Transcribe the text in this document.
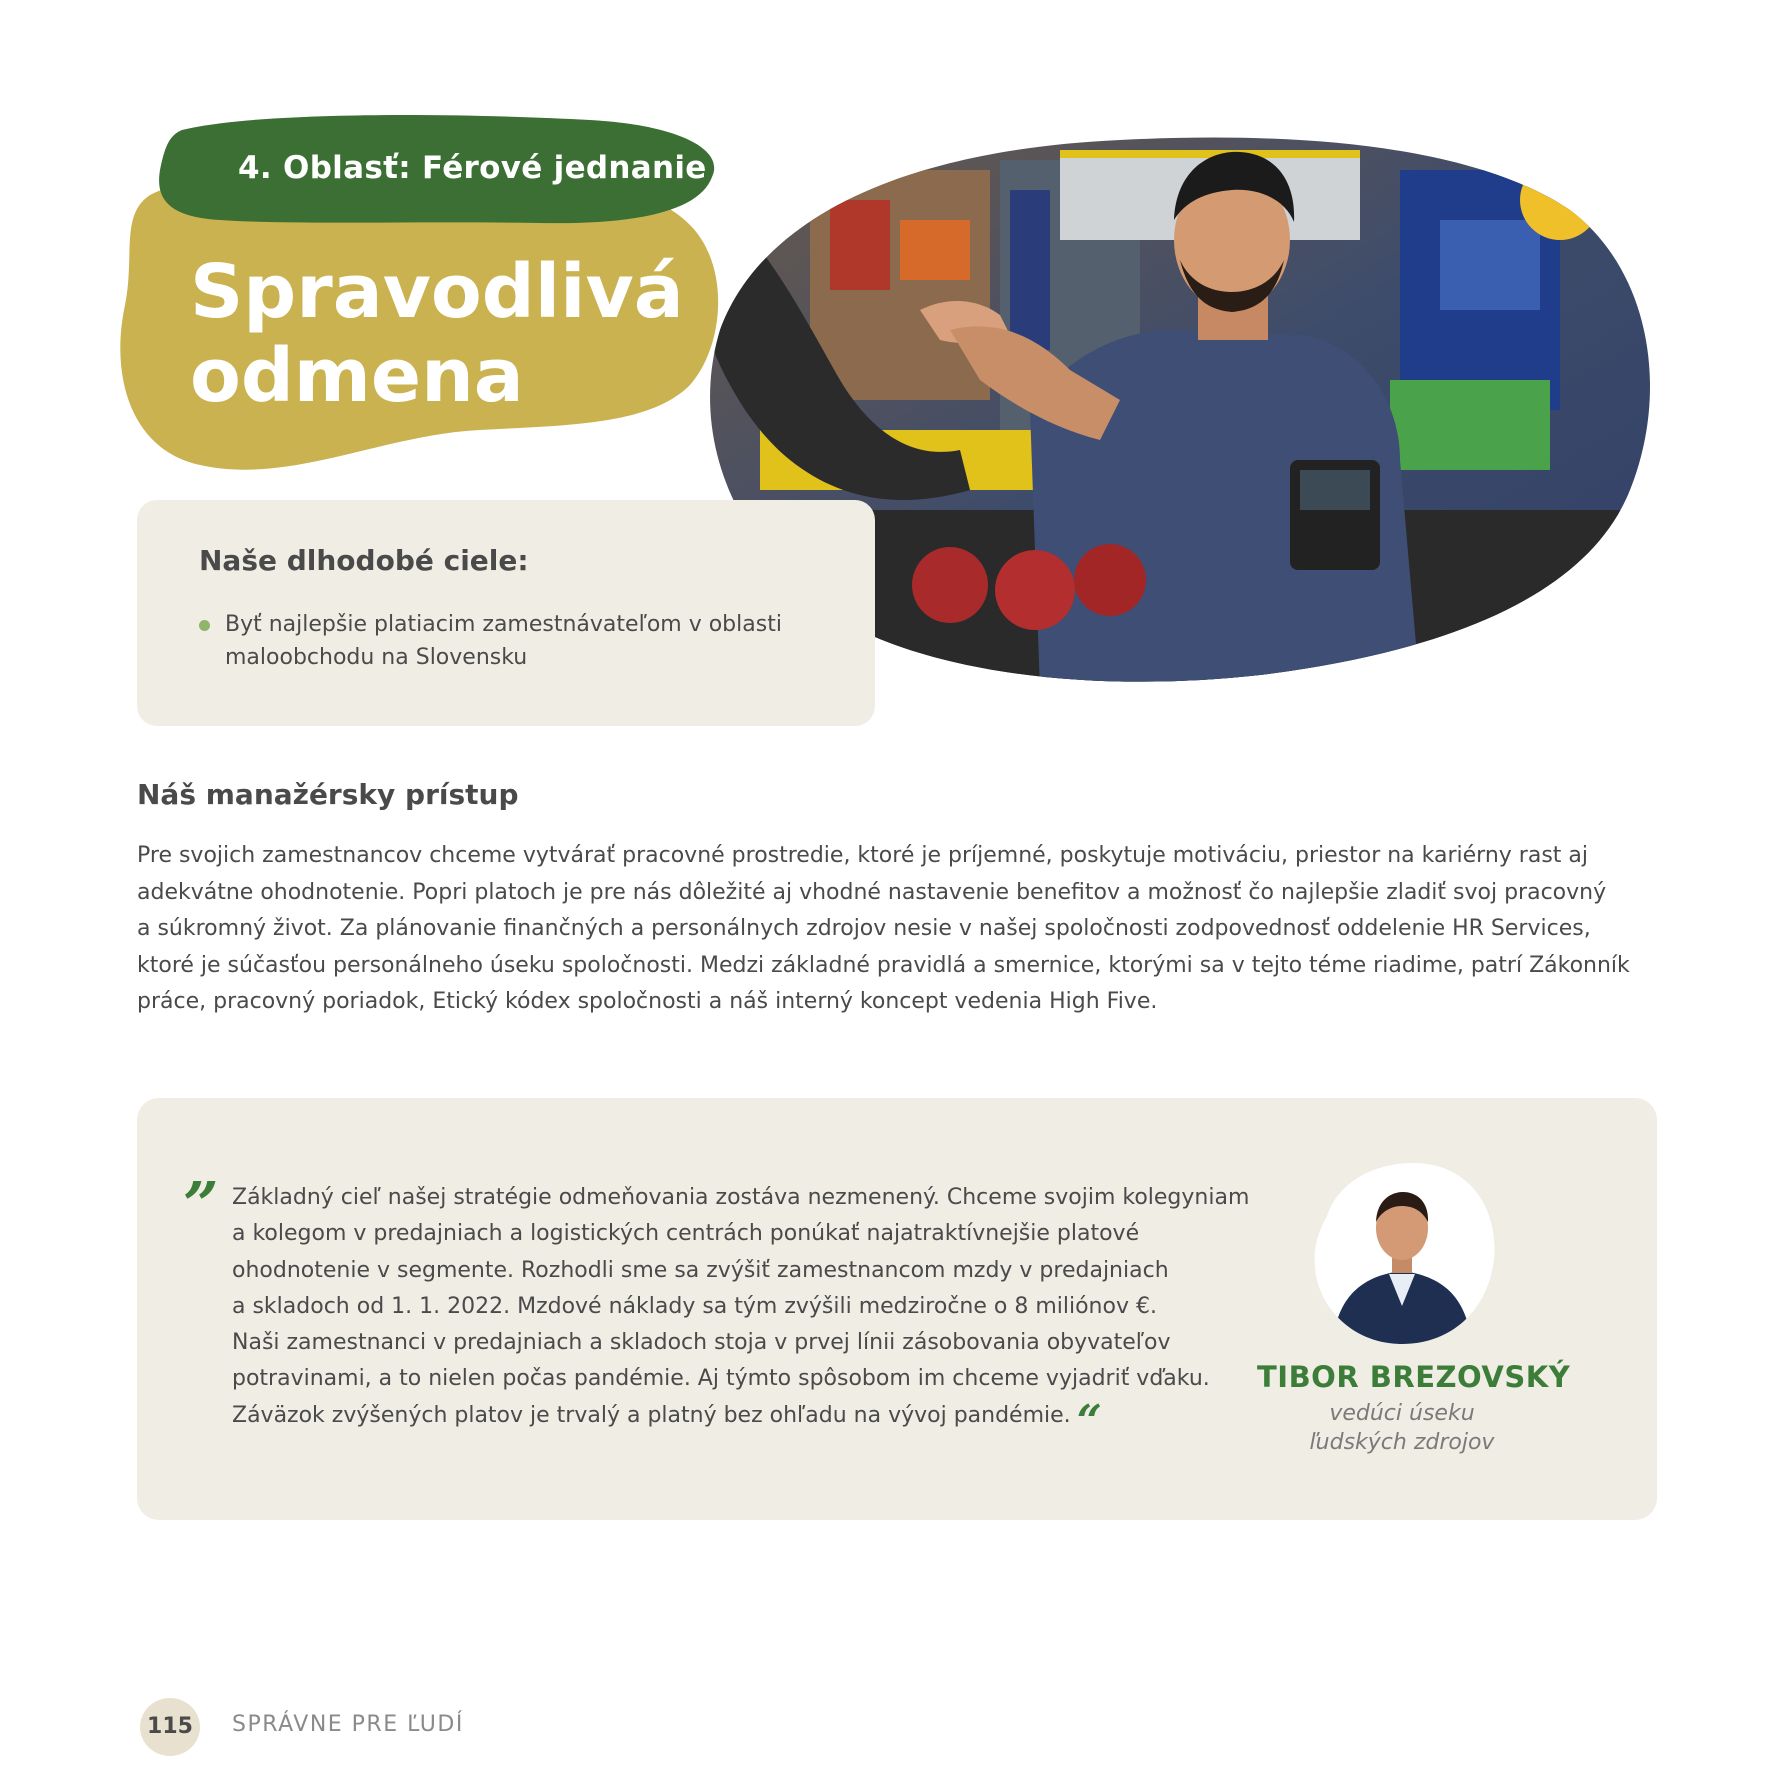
4. Oblasť: Férové jednanie
Spravodlivá
odmena
Naše dlhodobé ciele:
Byť najlepšie platiacim zamestnávateľom v oblasti
maloobchodu na Slovensku
Náš manažérsky prístup
Pre svojich zamestnancov chceme vytvárať pracovné prostredie, ktoré je príjemné, poskytuje motiváciu, priestor na kariérny rast aj
adekvátne ohodnotenie. Popri platoch je pre nás dôležité aj vhodné nastavenie benefitov a možnosť čo najlepšie zladiť svoj pracovný
a súkromný život. Za plánovanie finančných a personálnych zdrojov nesie v našej spoločnosti zodpovednosť oddelenie HR Services,
ktoré je súčasťou personálneho úseku spoločnosti. Medzi základné pravidlá a smernice, ktorými sa v tejto téme riadime, patrí Zákonník
práce, pracovný poriadok, Etický kódex spoločnosti a náš interný koncept vedenia High Five.
” Základný cieľ našej stratégie odmeňovania zostáva nezmenený. Chceme svojim kolegyniam
a kolegom v predajniach a logistických centrách ponúkať najatraktívnejšie platové
ohodnotenie v segmente. Rozhodli sme sa zvýšiť zamestnancom mzdy v predajniach
a skladoch od 1. 1. 2022. Mzdové náklady sa tým zvýšili medziročne o 8 miliónov €.
Naši zamestnanci v predajniach a skladoch stoja v prvej línii zásobovania obyvateľov
potravinami, a to nielen počas pandémie. Aj týmto spôsobom im chceme vyjadriť vďaku.
Záväzok zvýšených platov je trvalý a platný bez ohľadu na vývoj pandémie. “
TIBOR BREZOVSKÝ
vedúci úseku
ľudských zdrojov
115	SPRÁVNE PRE ĽUDÍ
